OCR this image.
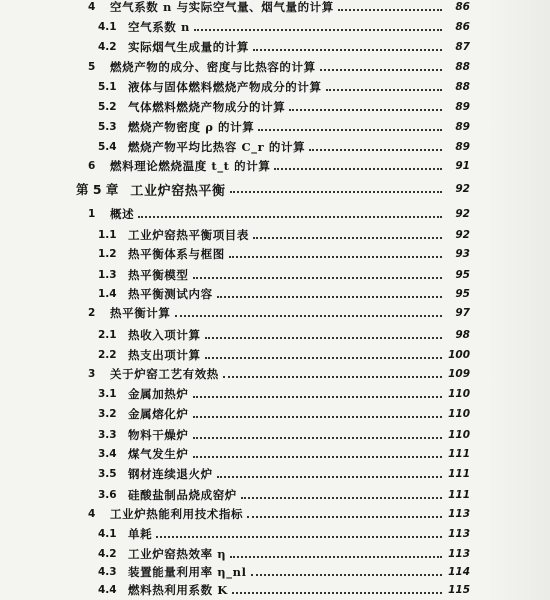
4	空气系数 n 与实际空气量、烟气量的计算	86
4.1 空气系数 n	86
4.2 实际烟气生成量的计算	87
5	燃烧产物的成分、密度与比热容的计算	88
5.1 液体与固体燃料燃烧产物成分的计算	88
5.2 气体燃料燃烧产物成分的计算	89
5.3 燃烧产物密度 ρ 的计算	89
5.4 燃烧产物平均比热容 C_r 的计算	89
6	燃料理论燃烧温度 t_t 的计算	91
第 5 章 工业炉窑热平衡	92
1	概述	92
1.1 工业炉窑热平衡项目表	92
1.2 热平衡体系与框图	93
1.3 热平衡模型	95
1.4 热平衡测试内容	95
2	热平衡计算	97
2.1 热收入项计算	98
2.2 热支出项计算	100
3	关于炉窑工艺有效热	109
3.1 金属加热炉	110
3.2 金属熔化炉	110
3.3 物料干燥炉	110
3.4 煤气发生炉	111
3.5 钢材连续退火炉	111
3.6 硅酸盐制品烧成窑炉	111
4	工业炉热能利用技术指标	113
4.1 单耗	113
4.2 工业炉窑热效率 η	113
4.3 装置能量利用率 η_nl	114
4.4 燃料热利用系数 K	115
